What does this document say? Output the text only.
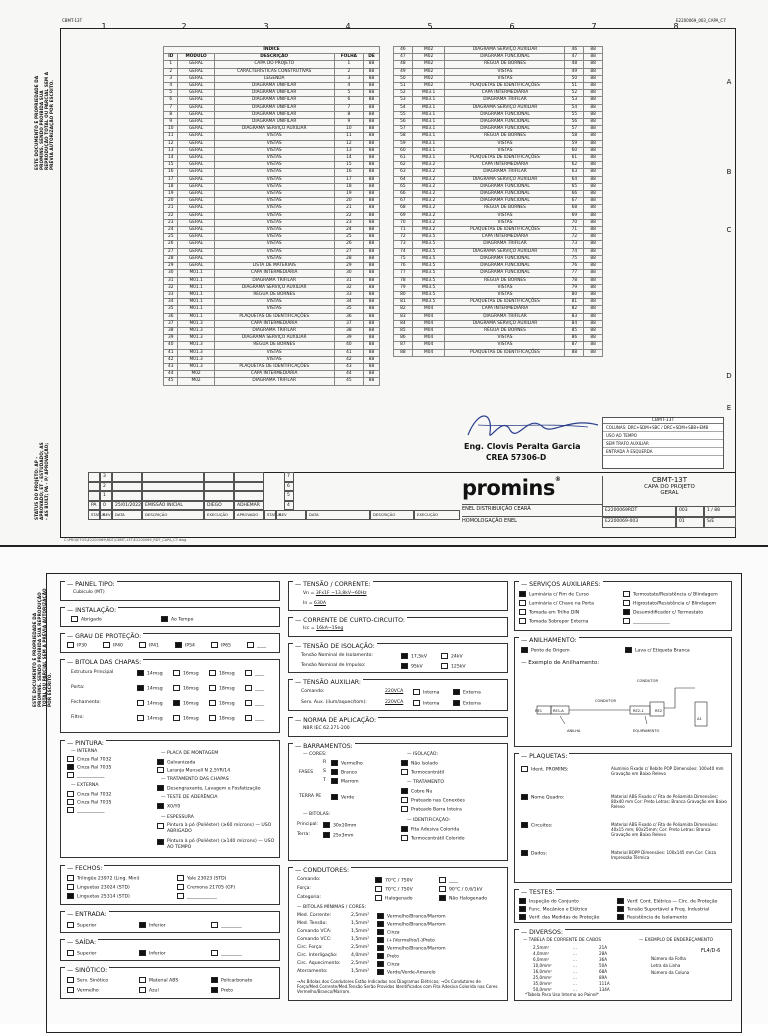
CBMT-13T	E2200069_003_CAPA_C7
1	2	3	4	5	6	7	8
A
B
C
D
E
ESTE DOCUMENTO É PROPRIEDADE DA PROMINS. SENDO PROIBIDA SUA REPRODUÇÃO TOTAL OU PARCIAL SEM A PRÉVIA AUTORIZAÇÃO POR ESCRITO.
STATUS DO PROJETO: AP - APROVADO; ET - ESTUDADO; AS - AS BUILT; PA - P/ APROVAÇÃO;
ÍNDICE				
ID	MÓDULO	DESCRIÇÃO	FOLHA	DE
1	GERAL	CAPA DO PROJETO	1	88
2	GERAL	CARACTERÍSTICAS CONSTRUTIVAS	2	88
3	GERAL	LEGENDA	3	88
4	GERAL	DIAGRAMA UNIFILAR	4	88
5	GERAL	DIAGRAMA UNIFILAR	5	88
6	GERAL	DIAGRAMA UNIFILAR	6	88
7	GERAL	DIAGRAMA UNIFILAR	7	88
8	GERAL	DIAGRAMA UNIFILAR	8	88
9	GERAL	DIAGRAMA UNIFILAR	9	88
10	GERAL	DIAGRAMA SERVIÇO AUXILIAR	10	88
11	GERAL	VISTAS	11	88
12	GERAL	VISTAS	12	88
13	GERAL	VISTAS	13	88
14	GERAL	VISTAS	14	88
15	GERAL	VISTAS	15	88
16	GERAL	VISTAS	16	88
17	GERAL	VISTAS	17	88
18	GERAL	VISTAS	18	88
19	GERAL	VISTAS	19	88
20	GERAL	VISTAS	20	88
21	GERAL	VISTAS	21	88
22	GERAL	VISTAS	22	88
23	GERAL	VISTAS	23	88
24	GERAL	VISTAS	24	88
25	GERAL	VISTAS	25	88
26	GERAL	VISTAS	26	88
27	GERAL	VISTAS	27	88
28	GERAL	VISTAS	28	88
29	GERAL	LISTA DE MATERIAIS	29	88
30	M01.1	CAPA INTERMEDIÁRIA	30	88
31	M01.1	DIAGRAMA TRIFILAR	31	88
32	M01.1	DIAGRAMA SERVIÇO AUXILIAR	32	88
33	M01.1	RÉGUA DE BORNES	33	88
34	M01.1	VISTAS	34	88
35	M01.1	VISTAS	35	88
36	M01.1	PLAQUETAS DE IDENTIFICAÇÕES	36	88
37	M01.3	CAPA INTERMEDIÁRIA	37	88
38	M01.3	DIAGRAMA TRIFILAR	38	88
39	M01.3	DIAGRAMA SERVIÇO AUXILIAR	39	88
40	M01.3	RÉGUA DE BORNES	40	88
41	M01.3	VISTAS	41	88
42	M01.3	VISTAS	42	88
43	M01.3	PLAQUETAS DE IDENTIFICAÇÕES	43	88
44	M02	CAPA INTERMEDIÁRIA	44	88
45	M02	DIAGRAMA TRIFILAR	45	88
46	M02	DIAGRAMA SERVIÇO AUXILIAR	46	88
47	M02	DIAGRAMA FUNCIONAL	47	88
48	M02	RÉGUA DE BORNES	48	88
49	M02	VISTAS	49	88
50	M02	VISTAS	50	88
51	M02	PLAQUETAS DE IDENTIFICAÇÕES	51	88
52	M03.1	CAPA INTERMEDIÁRIA	52	88
53	M03.1	DIAGRAMA TRIFILAR	53	88
54	M03.1	DIAGRAMA SERVIÇO AUXILIAR	54	88
55	M03.1	DIAGRAMA FUNCIONAL	55	88
56	M03.1	DIAGRAMA FUNCIONAL	56	88
57	M03.1	DIAGRAMA FUNCIONAL	57	88
58	M03.1	RÉGUA DE BORNES	58	88
59	M03.1	VISTAS	59	88
60	M03.1	VISTAS	60	88
61	M03.1	PLAQUETAS DE IDENTIFICAÇÕES	61	88
62	M03.2	CAPA INTERMEDIÁRIA	62	88
63	M03.2	DIAGRAMA TRIFILAR	63	88
64	M03.2	DIAGRAMA SERVIÇO AUXILIAR	64	88
65	M03.2	DIAGRAMA FUNCIONAL	65	88
66	M03.2	DIAGRAMA FUNCIONAL	66	88
67	M03.2	DIAGRAMA FUNCIONAL	67	88
68	M03.2	RÉGUA DE BORNES	68	88
69	M03.2	VISTAS	69	88
70	M03.2	VISTAS	70	88
71	M03.2	PLAQUETAS DE IDENTIFICAÇÕES	71	88
72	M03.5	CAPA INTERMEDIÁRIA	72	88
73	M03.5	DIAGRAMA TRIFILAR	73	88
74	M03.5	DIAGRAMA SERVIÇO AUXILIAR	74	88
75	M03.5	DIAGRAMA FUNCIONAL	75	88
76	M03.5	DIAGRAMA FUNCIONAL	76	88
77	M03.5	DIAGRAMA FUNCIONAL	77	88
78	M03.5	RÉGUA DE BORNES	78	88
79	M03.5	VISTAS	79	88
80	M03.5	VISTAS	80	88
81	M03.5	PLAQUETAS DE IDENTIFICAÇÕES	81	88
82	M04	CAPA INTERMEDIÁRIA	82	88
83	M04	DIAGRAMA TRIFILAR	83	88
84	M04	DIAGRAMA SERVIÇO AUXILIAR	84	88
85	M04	RÉGUA DE BORNES	85	88
86	M04	VISTAS	86	88
87	M04	VISTAS	87	88
88	M04	PLAQUETAS DE IDENTIFICAÇÕES	88	88
CBMT-13T
COLUNAS: DRC+SDM+SBC / DRC+SDM+SBB+EMB
USO AO TEMPO
SEM TRAFO AUXILIAR
ENTRADA À ESQUERDA
Eng. Clovis Peralta Garcia
CREA 57306-D
3	7
2	6
1	5
PA	0	25/01/2022 EMISSÃO INICIAL	DIEGO	ADHEMAR	4
STATUS
REV	DATA	DESCRIÇÃO	EXECUÇÃO	APROVADO	STATUS
REV	DATA	DESCRIÇÃO	EXECUÇÃO
promins®
ENEL DISTRIBUIÇÃO CEARÁ
HOMOLOGAÇÃO ENEL
CBMT-13T
CAPA DO PROJETO
GERAL
E2200069RDT	003	1 / 88
E2200069-003	01	S/E
C:\PROJETOS\E2200069\RDT\CBMT-13T\E2200069_RDT_CAPA_C7.dwg
ESTE DOCUMENTO É PROPRIEDADE DA PROMINS. SENDO PROIBIDA SUA REPRODUÇÃO TOTAL OU PARCIAL SEM A PRÉVIA AUTORIZAÇÃO POR ESCRITO.
— PAINEL TIPO:
Cubículo (MT)
— INSTALAÇÃO:
Abrigado	Ao Tempo
— GRAU DE PROTEÇÃO:
IP30	IP40	IP41	IP54	IP65	____
— BITOLA DAS CHAPAS:
Estrutura Principal	14msg	16msg	18msg	____
Porta:	14msg	16msg	18msg	____
Fechamento:	14msg	16msg	18msg	____
Filtro:	14msg	16msg	18msg	____
— PINTURA:
— INTERNA
Cinza Ral 7032
Cinza Ral 7035
____________
— EXTERNA
Cinza Ral 7032
Cinza Ral 7035
____________
— PLACA DE MONTAGEM
Galvanizada
Laranja Munsell N 2,5YR/14
— TRATAMENTO DAS CHAPAS
Desengraxante, Lavagem e Fosfatização
— TESTE DE ADERÊNCIA
X0/Y0
— ESPESSURA
Pintura à pó (Poliéster) (≥60 mícrons) — USO ABRIGADO
Pintura à pó (Poliéster) (≥140 mícrons) — USO AO TEMPO
— FECHOS:
Trilingüe 23972 (Ling. Mini)	Yale 23023 (STD)
Linguetas 23024 (STD)	Cremona 21705 (GF)
Linguetas 25314 (STD)	_____________
— ENTRADA:
Superior	Inferior	_________
— SAÍDA:
Superior	Inferior	_________
— SINÓTICO:
Serv. Sinótico	Material ABS	Policarbonato
Vermelho	Azul	Preto
— TENSÃO / CORRENTE:
Vn = 3Fx1F ~13,8kV~60Hz
In = 630A
— CORRENTE DE CURTO-CIRCUITO:
Icc = 16kA~1Seg
— TENSÃO DE ISOLAÇÃO:
Tensão Nominal de Isolamento:	17,5kV	24kV
Tensão Nominal de Impulso:	95kV	125kV
— TENSÃO AUXILIAR:
Comando:	220VCA	Interna	Externa
Serv. Aux. (ilum/aquec/tom):	220VCA	Interna	Externa
— NORMA DE APLICAÇÃO:
NBR IEC 62.271-200
— BARRAMENTOS:
— CORES:
FASES
R	Vermelho
S	Branco
T	Marrom
TERRA PE	Verde
— BITOLAS:
Principal:	30x10mm
Terra:	25x3mm
— ISOLAÇÃO:
Não Isolado
Termocontrátil
— TRATAMENTO
Cobre Nu
Prateado nas Conexões
Prateado Barra Inteira
— IDENTIFICAÇÃO:
Fita Adesiva Colorida
Termocontrátil Colorido
— CONDUTORES:
Comando:	70°C / 750V	____
Força:	70°C / 750V	90°C / 0,6/1kV
Categoria:	Halogenado	Não Halogenado
— BITOLAS MÍNIMAS / CORES:
Med. Corrente:	2,5mm²	Vermelho/Branco/Marrom
Med. Tensão:	1,5mm²	Vermelho/Branco/Marrom
Comando VCA:	1,5mm²	Cinza
Comando VCC:	1,5mm²	(+)Vermelho/(-)Preto
Circ. Força:	2,5mm²	Vermelho/Branco/Marrom
Circ. Interligação:	4,0mm²	Preto
Circ. Aquecimento: 2,5mm²	Cinza
Aterramento:	1,5mm²	Verde/Verde-Amarelo
→As Bitolas dos Condutores Estão Indicadas nos Diagramas Elétricos; →Os Condutores de Força/Med.Corrente/Med.Tensão Serão Providos Identificados com Fita Adesiva Colorida nas Cores Vermelho/Branco/Marrom.
— SERVIÇOS AUXILIARES:
Luminária c/ Fim de Curso	Termostato/Resistência c/ Blindagem
Luminária c/ Chave na Porta	Higrostato/Resistência c/ Blindagem
Tomada em Trilho DIN	Desumidificador c/ Termostato
Tomada Sobrepor Externa	________________
— ANILHAMENTO:
Ponto de Origem	Lava c/ Etiqueta Branca
— Exemplo de Anilhamento:
CONDUTOR
RE1	RE1-A
CONDUTOR
RE2-1	RE2
ANILHA	EQUIPAMENTO
A1
— PLAQUETAS:
Ident. PROMINS:	Alumínio Fixado c/ Rebite POP Dimensões: 100x40 mm Gravação em Baixo Relevo
Nome Quadro:	Material ABS Fixado c/ Fita de Poliamida Dimensões: 80x40 mm Cor: Preto Letras: Branca Gravação em Baixo Relevo
Circuitos:	Material ABS Fixado c/ Fita de Poliamida Dimensões: 40x15 mm; 60x25mm; Cor: Preto Letras: Branca Gravação em Baixo Relevo
Dados:	Material BOPP Dimensões: 100x145 mm Cor: Cinza Impressão Térmica
— TESTES:
Inspeção do Conjunto	Verif. Cont. Elétrica — Circ. de Proteção
Func. Mecânico e Elétrico	Tensão Suportável a Freq. Industrial
Verif. das Medidas de Proteção	Resistência de Isolamento
— DIVERSOS:
— TABELA DE CORRENTE DE CABOS
2,5mm²	...	21A
4,0mm²	...	28A
6,0mm²	...	36A
10,0mm²	...	50A
16,0mm²	...	68A
25,0mm²	...	89A
35,0mm²	...	111A
50,0mm²	...	134A
*Tabela Para Uso Interno ao Painel*
— EXEMPLO DE ENDEREÇAMENTO
FL4/D-6
Número da Folha
Letra da Linha
Número da Coluna
